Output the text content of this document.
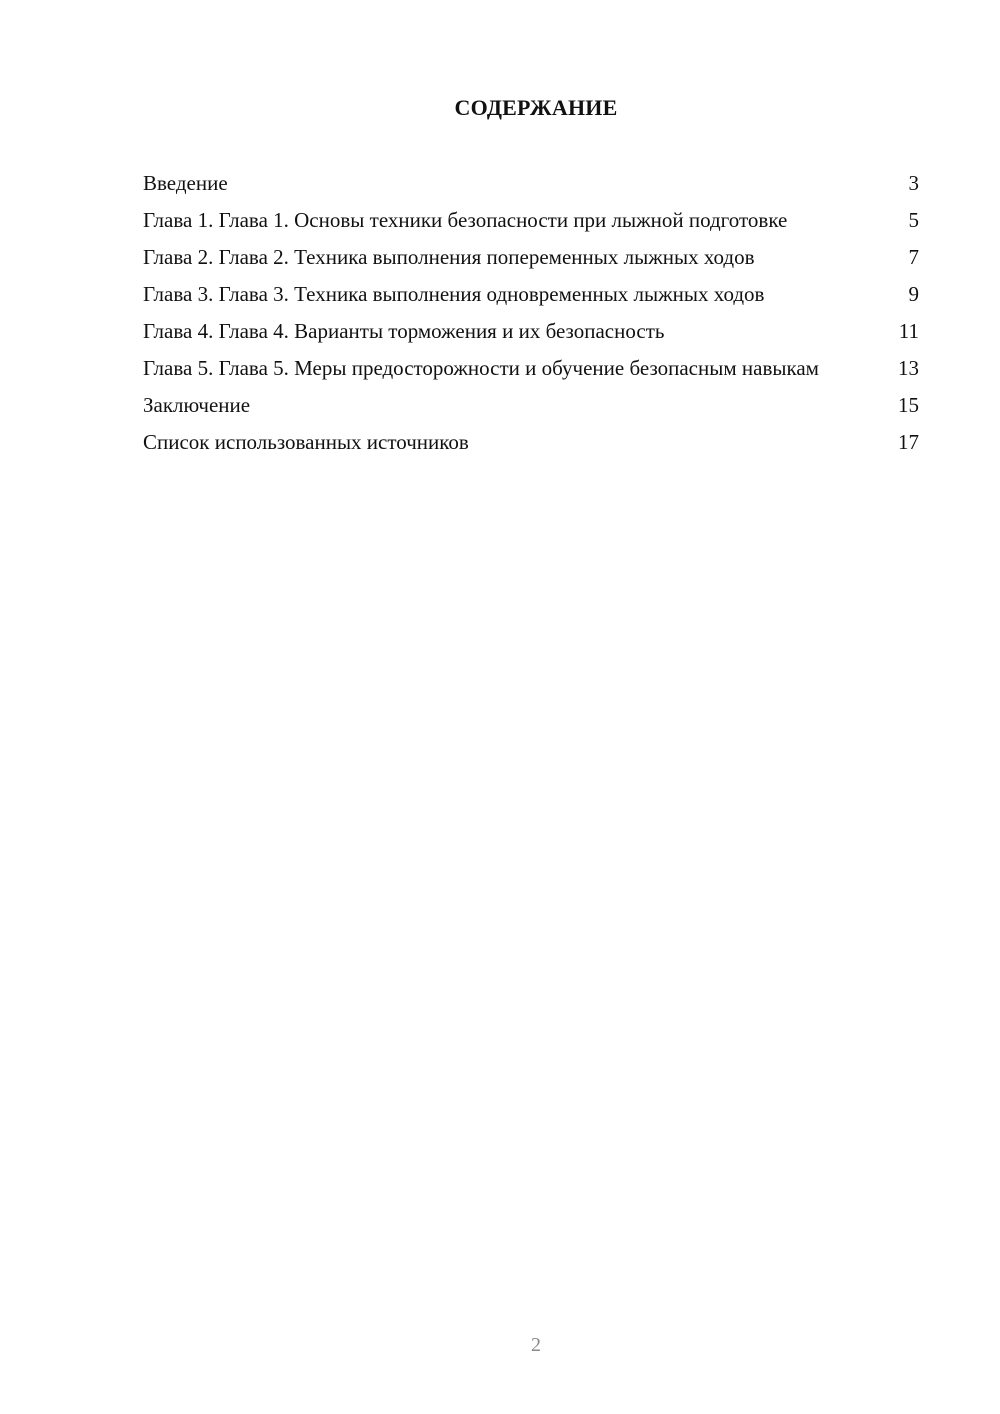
СОДЕРЖАНИЕ
Введение	3
Глава 1. Глава 1. Основы техники безопасности при лыжной подготовке	5
Глава 2. Глава 2. Техника выполнения попеременных лыжных ходов	7
Глава 3. Глава 3. Техника выполнения одновременных лыжных ходов	9
Глава 4. Глава 4. Варианты торможения и их безопасность	11
Глава 5. Глава 5. Меры предосторожности и обучение безопасным навыкам	13
Заключение	15
Список использованных источников	17
2
